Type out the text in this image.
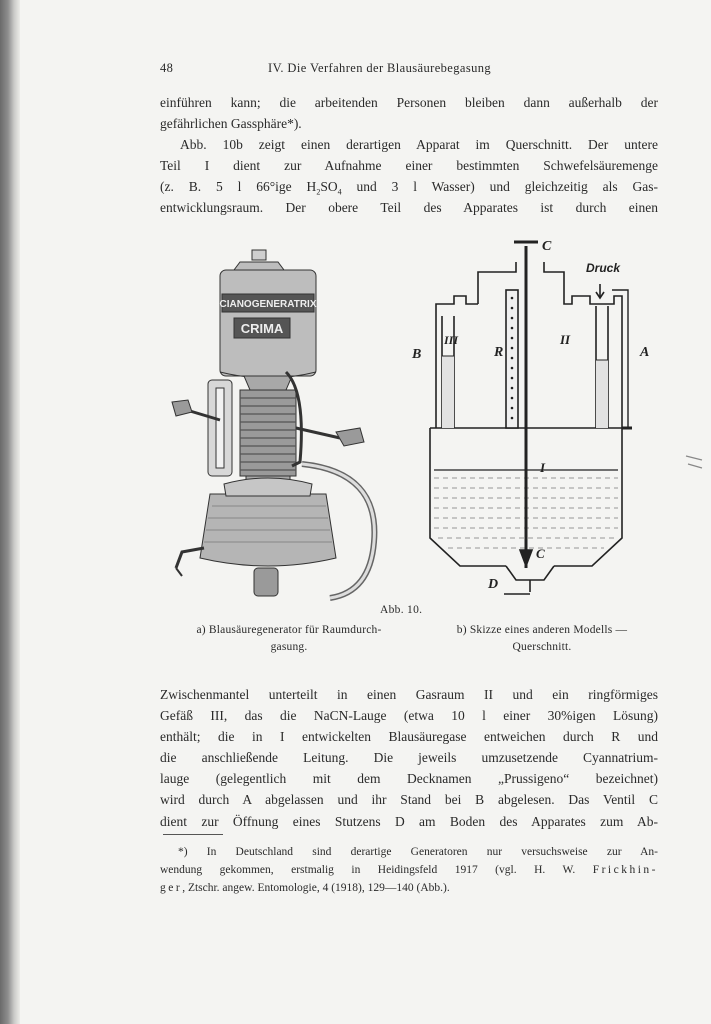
48	IV. Die Verfahren der Blausäurebegasung
einführen kann; die arbeitenden Personen bleiben dann außerhalb der
gefährlichen Gassphäre*).
Abb. 10b zeigt einen derartigen Apparat im Querschnitt. Der untere
Teil I dient zur Aufnahme einer bestimmten Schwefelsäuremenge
(z. B. 5 l 66°ige $H_2SO_4$ und 3 l Wasser) und gleichzeitig als Gas-
entwicklungsraum. Der obere Teil des Apparates ist durch einen
CIANOGENERATRIX
CRIMA
C
Druck
B
III
R
II
A
I
C
D
Abb. 10.
a) Blausäuregenerator für Raumdurch-
gasung.
b) Skizze eines anderen Modells —
Querschnitt.
Zwischenmantel unterteilt in einen Gasraum II und ein ringförmiges
Gefäß III, das die NaCN-Lauge (etwa 10 l einer 30%igen Lösung)
enthält; die in I entwickelten Blausäuregase entweichen durch R und
die anschließende Leitung. Die jeweils umzusetzende Cyannatrium-
lauge (gelegentlich mit dem Decknamen „Prussigeno“ bezeichnet)
wird durch A abgelassen und ihr Stand bei B abgelesen. Das Ventil C
dient zur Öffnung eines Stutzens D am Boden des Apparates zum Ab-
*) In Deutschland sind derartige Generatoren nur versuchsweise zur An-
wendung gekommen, erstmalig in Heidingsfeld 1917 (vgl. H. W. Frickhin-
ger, Ztschr. angew. Entomologie, 4 (1918), 129—140 (Abb.).
